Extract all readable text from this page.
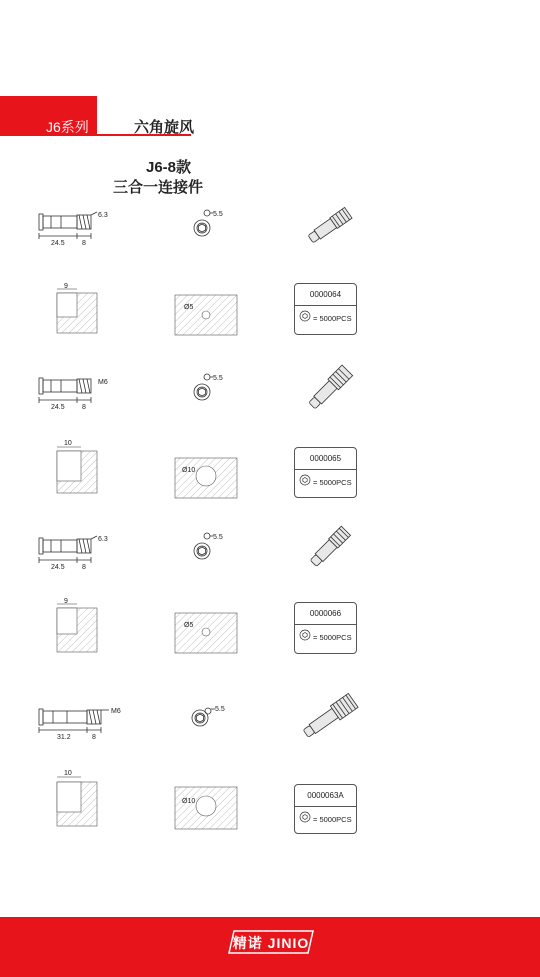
J6系列	六角旋风
J6-8款
三合一连接件
24.5 8
6.3	5.5
9
Ø5
0000064
= 5000PCS
24.5 8
M6
5.5
10
Ø10
0000065
= 5000PCS
24.5 8
6.3	5.5
9
Ø5
0000066
= 5000PCS
31.2	8
M6	5.5
10
Ø10
0000063A
= 5000PCS
精诺 JINIO
